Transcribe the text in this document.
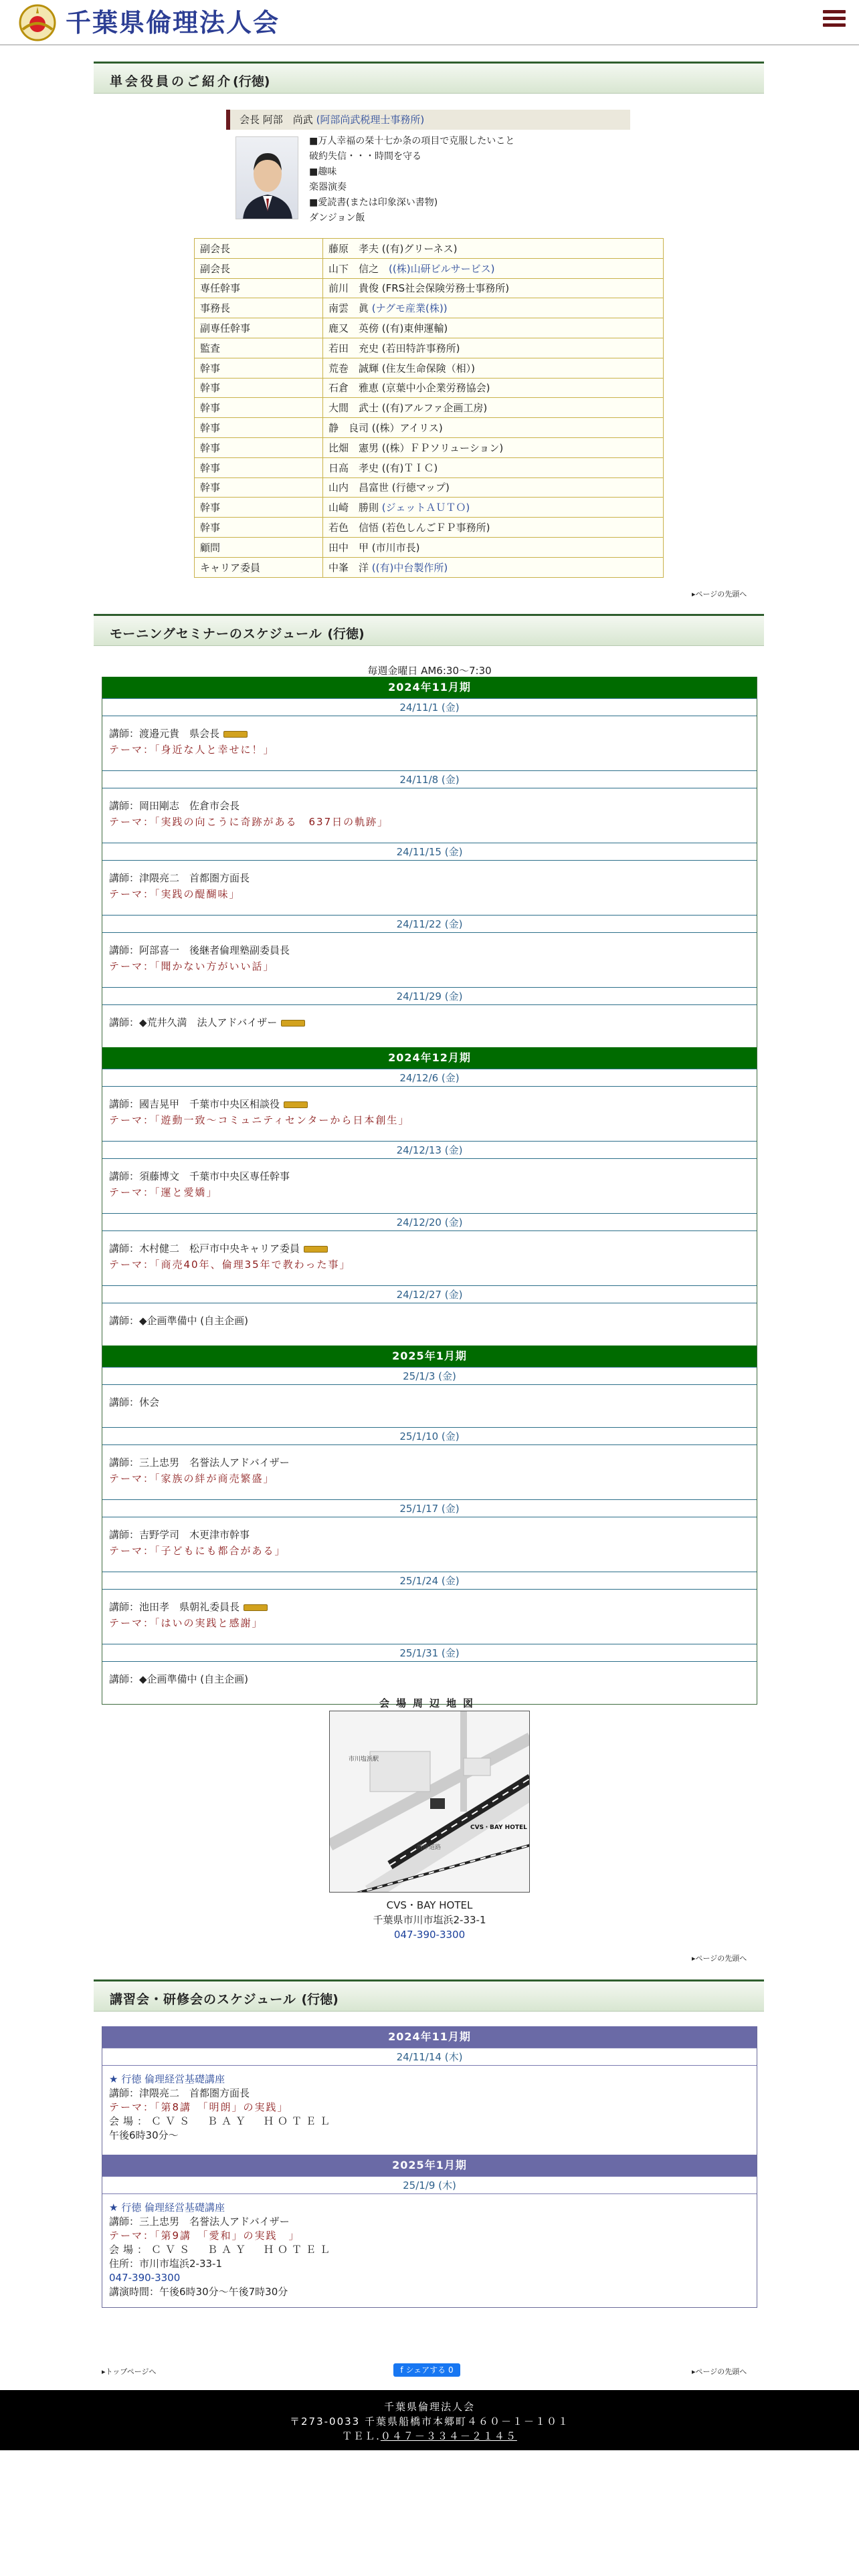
千葉県倫理法人会
単会役員のご紹介(行徳)
会長 阿部　尚武 (阿部尚武税理士事務所)
■万人幸福の栞十七か条の項目で克服したいこと
破約失信・・・時間を守る
■趣味
楽器演奏
■愛読書(または印象深い書物)
ダンジョン飯
副会長	藤原　孝夫 ((有)グリーネス)
副会長	山下　信之　((株)山研ビルサービス)
専任幹事	前川　貴俊 (FRS社会保険労務士事務所)
事務長	南雲　眞 (ナグモ産業(株))
副専任幹事	鹿又　英傍 ((有)東伸運輸)
監査	若田　充史 (若田特許事務所)
幹事	荒巻　誠輝 (住友生命保険（相）)
幹事	石倉　雅恵 (京葉中小企業労務協会)
幹事	大間　武士 ((有)アルファ企画工房)
幹事	静　良司 ((株）アイリス)
幹事	比畑　憲男 ((株）ＦＰソリューション)
幹事	日高　孝史 ((有)ＴＩＣ)
幹事	山内　昌富世 (行徳マップ)
幹事	山崎　勝則 (ジェットＡＵＴＯ)
幹事	若色　信悟 (若色しんごＦＰ事務所)
顧問	田中　甲 (市川市長)
キャリア委員	中峯　洋 ((有)中台製作所)
▸ページの先頭へ
モーニングセミナーのスケジュール (行徳)
毎週金曜日 AM6:30〜7:30
2024年11月期
24/11/1 (金)
講師：渡邉元貴　県会長
テーマ：「身近な人と幸せに！」
24/11/8 (金)
講師：岡田剛志　佐倉市会長
テーマ：「実践の向こうに奇跡がある　637日の軌跡」
24/11/15 (金)
講師：津隈亮二　首都圏方面長
テーマ：「実践の醍醐味」
24/11/22 (金)
講師：阿部喜一　後継者倫理塾副委員長
テーマ：「聞かない方がいい話」
24/11/29 (金)
講師：◆荒井久満　法人アドバイザー
2024年12月期
24/12/6 (金)
講師：國吉晃甲　千葉市中央区相談役
テーマ：「遊動一致〜コミュニティセンターから日本創生」
24/12/13 (金)
講師：須藤博文　千葉市中央区専任幹事
テーマ：「運と愛嬌」
24/12/20 (金)
講師：木村健二　松戸市中央キャリア委員
テーマ：「商売40年、倫理35年で教わった事」
24/12/27 (金)
講師：◆企画準備中 (自主企画)
2025年1月期
25/1/3 (金)
講師：休会
25/1/10 (金)
講師：三上忠男　名誉法人アドバイザー
テーマ：「家族の絆が商売繁盛」
25/1/17 (金)
講師：吉野学司　木更津市幹事
テーマ：「子どもにも都合がある」
25/1/24 (金)
講師：池田孝　県朝礼委員長
テーマ：「はいの実践と感謝」
25/1/31 (金)
講師：◆企画準備中 (自主企画)
会場周辺地図
市川塩浜駅
CVS・BAY HOTEL
湾岸道路
CVS・BAY HOTEL
千葉県市川市塩浜2-33-1
047-390-3300
▸ページの先頭へ
講習会・研修会のスケジュール (行徳)
2024年11月期
24/11/14 (木)
★ 行徳 倫理経営基礎講座
講師：津隈亮二　首都圏方面長
テーマ：「第8講　「明朗」の実践」
会場：ＣＶＳ　ＢＡＹ　ＨＯＴＥＬ
午後6時30分〜
2025年1月期
25/1/9 (木)
★ 行徳 倫理経営基礎講座
講師：三上忠男　名誉法人アドバイザー
テーマ：「第9講　「愛和」の実践　」
会場：ＣＶＳ　ＢＡＹ　ＨＯＴＥＬ
住所：市川市塩浜2-33-1
047-390-3300
講演時間：午後6時30分〜午後7時30分
▸トップページへ	f シェアする 0	▸ページの先頭へ
千葉県倫理法人会
〒273-0033 千葉県船橋市本郷町４６０－１－１０１
ＴＥＬ.０４７－３３４－２１４５
